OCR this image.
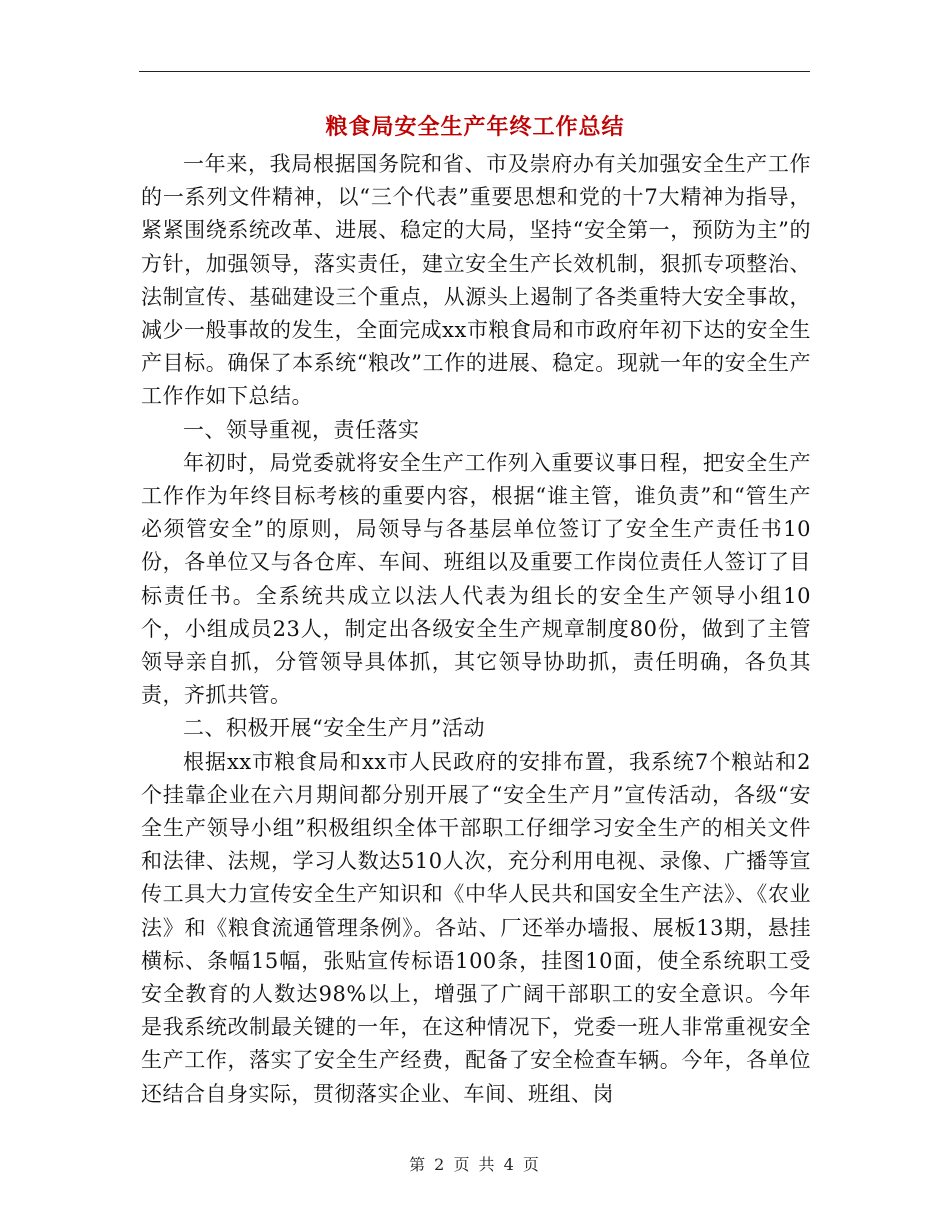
粮食局安全生产年终工作总结

一年来，我局根据国务院和省、市及崇府办有关加强安全生产工作的一系列文件精神，以“三个代表”重要思想和党的十7大精神为指导，紧紧围绕系统改革、进展、稳定的大局，坚持“安全第一，预防为主”的方针，加强领导，落实责任，建立安全生产长效机制，狠抓专项整治、法制宣传、基础建设三个重点，从源头上遏制了各类重特大安全事故，减少一般事故的发生，全面完成xx市粮食局和市政府年初下达的安全生产目标。确保了本系统“粮改”工作的进展、稳定。现就一年的安全生产工作作如下总结。

一、领导重视，责任落实

年初时，局党委就将安全生产工作列入重要议事日程，把安全生产工作作为年终目标考核的重要内容，根据“谁主管，谁负责”和“管生产必须管安全”的原则，局领导与各基层单位签订了安全生产责任书10份，各单位又与各仓库、车间、班组以及重要工作岗位责任人签订了目标责任书。全系统共成立以法人代表为组长的安全生产领导小组10个，小组成员23人，制定出各级安全生产规章制度80份，做到了主管领导亲自抓，分管领导具体抓，其它领导协助抓，责任明确，各负其责，齐抓共管。

二、积极开展“安全生产月”活动

根据xx市粮食局和xx市人民政府的安排布置，我系统7个粮站和2个挂靠企业在六月期间都分别开展了“安全生产月”宣传活动，各级“安全生产领导小组”积极组织全体干部职工仔细学习安全生产的相关文件和法律、法规，学习人数达510人次，充分利用电视、录像、广播等宣传工具大力宣传安全生产知识和《中华人民共和国安全生产法》、《农业法》和《粮食流通管理条例》。各站、厂还举办墙报、展板13期，悬挂横标、条幅15幅，张贴宣传标语100条，挂图10面，使全系统职工受安全教育的人数达98%以上，增强了广阔干部职工的安全意识。今年是我系统改制最关键的一年，在这种情况下，党委一班人非常重视安全生产工作，落实了安全生产经费，配备了安全检查车辆。今年，各单位还结合自身实际，贯彻落实企业、车间、班组、岗

第 2 页 共 4 页
